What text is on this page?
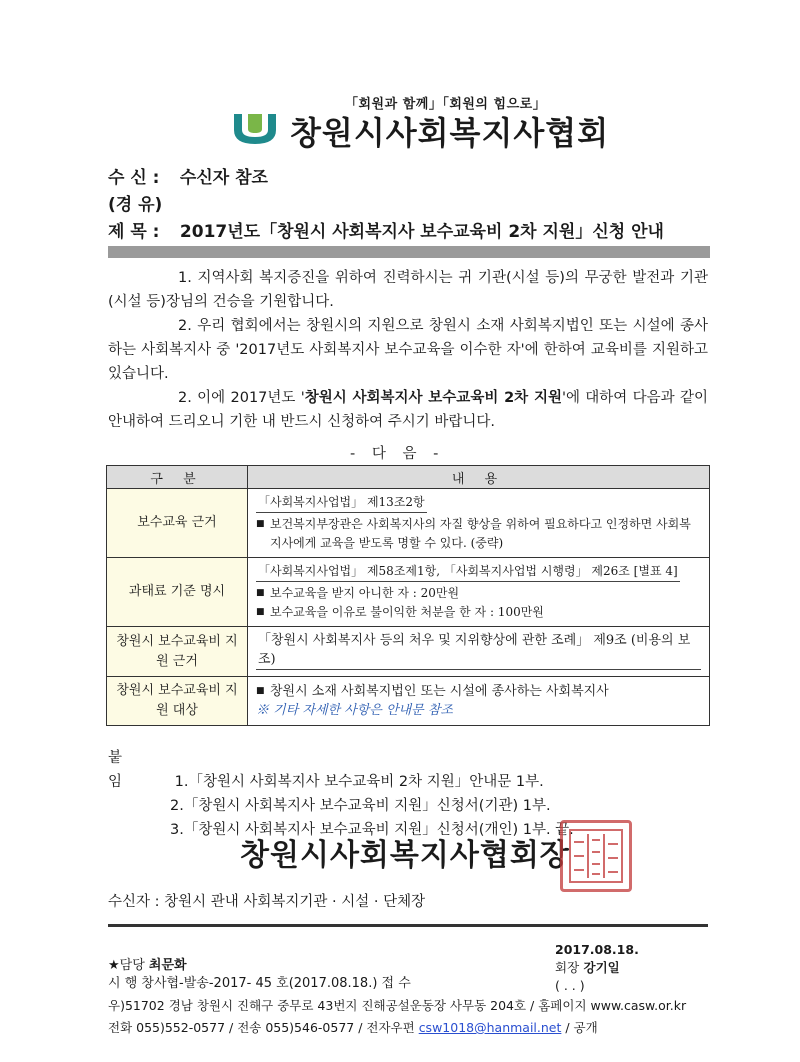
「회원과 함께」「회원의 힘으로」
창원시사회복지사협회
수 신 : 수신자 참조
(경 유)
제 목 : 2017년도「창원시 사회복지사 보수교육비 2차 지원」신청 안내

1. 지역사회 복지증진을 위하여 진력하시는 귀 기관(시설 등)의 무궁한 발전과 기관(시설 등)장님의 건승을 기원합니다.

2. 우리 협회에서는 창원시의 지원으로 창원시 소재 사회복지법인 또는 시설에 종사하는 사회복지사 중 '2017년도 사회복지사 보수교육을 이수한 자'에 한하여 교육비를 지원하고 있습니다.

2. 이에 2017년도 '창원시 사회복지사 보수교육비 2차 지원'에 대하여 다음과 같이 안내하여 드리오니 기한 내 반드시 신청하여 주시기 바랍니다.

- 다 음 -
구 분	내 용
보수교육 근거	「사회복지사업법」 제13조2항
■ 보건복지부장관은 사회복지사의 자질 향상을 위하여 필요하다고 인정하면 사회복지사에게 교육을 받도록 명할 수 있다. (중략)

과태료 기준 명시	「사회복지사업법」 제58조제1항, 「사회복지사업법 시행령」 제26조 [별표 4]
■ 보수교육을 받지 아니한 자 : 20만원
■ 보수교육을 이유로 불이익한 처분을 한 자 : 100만원

창원시 보수교육비 지원 근거	「창원시 사회복지사 등의 처우 및 지위향상에 관한 조례」 제9조 (비용의 보조)
창원시 보수교육비 지원 대상	■ 창원시 소재 사회복지법인 또는 시설에 종사하는 사회복지사
※ 기타 자세한 사항은 안내문 참조
붙 임	1.「창원시 사회복지사 보수교육비 2차 지원」안내문 1부.
2.「창원시 사회복지사 보수교육비 지원」신청서(기관) 1부.
3.「창원시 사회복지사 보수교육비 지원」신청서(개인) 1부. 끝.
창원시사회복지사협회장
수신자 : 창원시 관내 사회복지기관 · 시설 · 단체장
2017.08.18.
회장 강기일
( . . )
★담당 최문화
시 행 창사협-발송-2017- 45 호(2017.08.18.) 접 수
우)51702 경남 창원시 진해구 중무로 43번지 진해공설운동장 사무동 204호 / 홈페이지 www.casw.or.kr
전화 055)552-0577 / 전송 055)546-0577 / 전자우편 csw1018@hanmail.net / 공개
